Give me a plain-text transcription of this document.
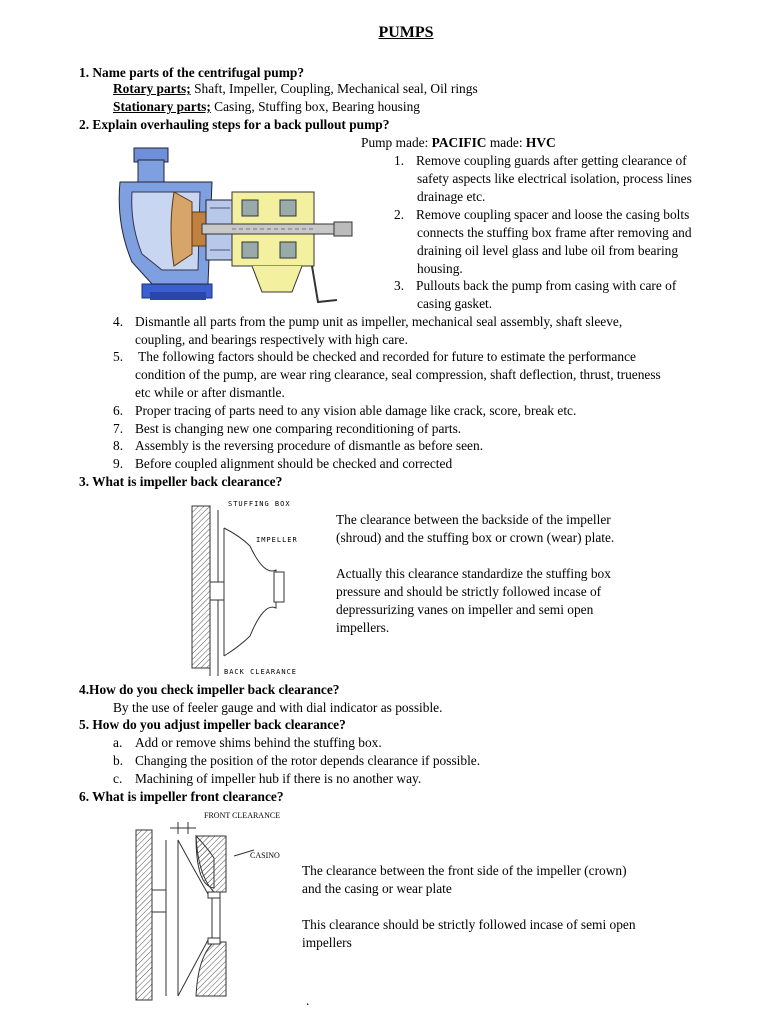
PUMPS
1. Name parts of the centrifugal pump?
Rotary parts; Shaft, Impeller, Coupling, Mechanical seal, Oil rings
Stationary parts; Casing, Stuffing box, Bearing housing
2. Explain overhauling steps for a back pullout pump?
Pump made: PACIFIC made: HVC
1. Remove coupling guards after getting clearance of
safety aspects like electrical isolation, process lines
drainage etc.
2. Remove coupling spacer and loose the casing bolts
connects the stuffing box frame after removing and
draining oil level glass and lube oil from bearing
housing.
3. Pullouts back the pump from casing with care of
casing gasket.
4. Dismantle all parts from the pump unit as impeller, mechanical seal assembly, shaft sleeve,
coupling, and bearings respectively with high care.
5. The following factors should be checked and recorded for future to estimate the performance
condition of the pump, are wear ring clearance, seal compression, shaft deflection, thrust, trueness
etc while or after dismantle.
6. Proper tracing of parts need to any vision able damage like crack, score, break etc.
7. Best is changing new one comparing reconditioning of parts.
8. Assembly is the reversing procedure of dismantle as before seen.
9. Before coupled alignment should be checked and corrected
3. What is impeller back clearance?
STUFFING BOX
IMPELLER
BACK CLEARANCE
The clearance between the backside of the impeller
(shroud) and the stuffing box or crown (wear) plate.
Actually this clearance standardize the stuffing box
pressure and should be strictly followed incase of
depressurizing vanes on impeller and semi open
impellers.
4.How do you check impeller back clearance?
By the use of feeler gauge and with dial indicator as possible.
5. How do you adjust impeller back clearance?
a. Add or remove shims behind the stuffing box.
b. Changing the position of the rotor depends clearance if possible.
c. Machining of impeller hub if there is no another way.
6. What is impeller front clearance?
FRONT CLEARANCE
CASINO
The clearance between the front side of the impeller (crown)
and the casing or wear plate
This clearance should be strictly followed incase of semi open
impellers
.
